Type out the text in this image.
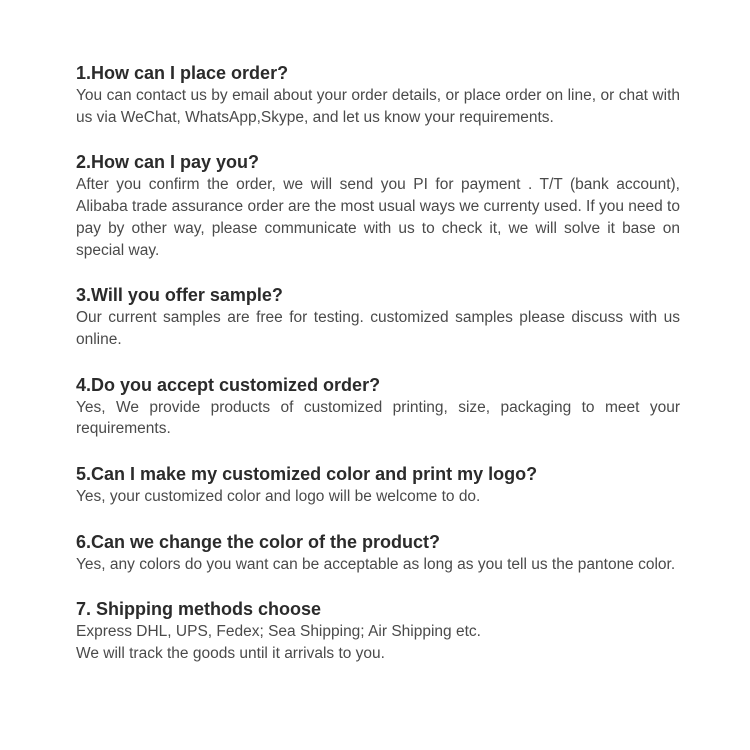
1.How can I place order?

You can contact us by email about your order details, or place order on line, or chat with us via WeChat, WhatsApp,Skype, and let us know your requirements.

2.How can I pay you?

After you confirm the order, we will send you PI for payment . T/T (bank account), Alibaba trade assurance order are the most usual ways we currenty used. If you need to pay by other way, please communicate with us to check it, we will solve it base on special way.

3.Will you offer sample?

Our current samples are free for testing. customized samples please discuss with us online.

4.Do you accept customized order?

Yes, We provide products of customized printing, size, packaging to meet your requirements.

5.Can I make my customized color and print my logo?

Yes, your customized color and logo will be welcome to do.

6.Can we change the color of the product?

Yes, any colors do you want can be acceptable as long as you tell us the pantone color.

7. Shipping methods choose

Express DHL, UPS, Fedex; Sea Shipping; Air Shipping etc.
We will track the goods until it arrivals to you.
